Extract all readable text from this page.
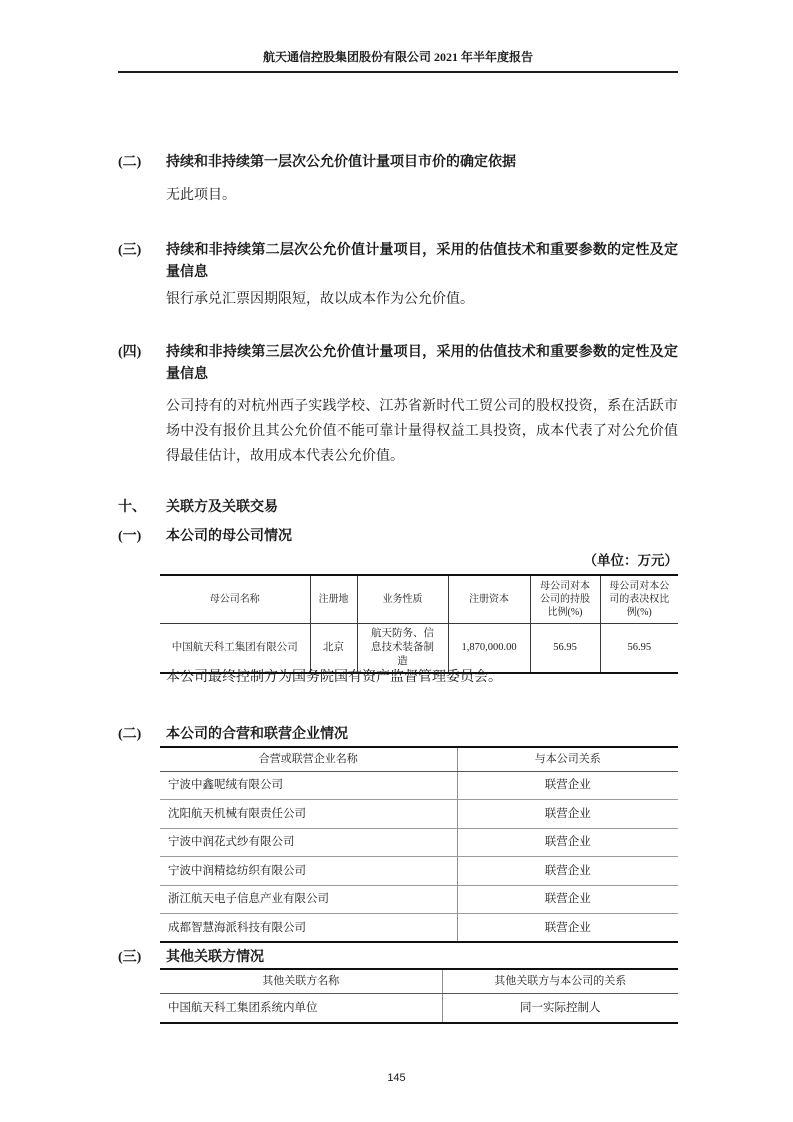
航天通信控股集团股份有限公司 2021 年半年度报告
(二) 持续和非持续第一层次公允价值计量项目市价的确定依据

无此项目。

(三) 持续和非持续第二层次公允价值计量项目，采用的估值技术和重要参数的定性及定量信息

银行承兑汇票因期限短，故以成本作为公允价值。

(四) 持续和非持续第三层次公允价值计量项目，采用的估值技术和重要参数的定性及定量信息

公司持有的对杭州西子实践学校、江苏省新时代工贸公司的股权投资，系在活跃市场中没有报价且其公允价值不能可靠计量得权益工具投资，成本代表了对公允价值得最佳估计，故用成本代表公允价值。

十、 关联方及关联交易
(一) 本公司的母公司情况
（单位：万元）
母公司名称	注册地	业务性质	注册资本	母公司对本公司的持股比例(%)	母公司对本公司的表决权比例(%)
中国航天科工集团有限公司	北京	航天防务、信息技术装备制造	1,870,000.00	56.95	56.95

本公司最终控制方为国务院国有资产监督管理委员会。

(二) 本公司的合营和联营企业情况
合营或联营企业名称	与本公司关系
宁波中鑫呢绒有限公司	联营企业
沈阳航天机械有限责任公司	联营企业
宁波中润花式纱有限公司	联营企业
宁波中润精捻纺织有限公司	联营企业
浙江航天电子信息产业有限公司	联营企业
成都智慧海派科技有限公司	联营企业
(三) 其他关联方情况
其他关联方名称	其他关联方与本公司的关系
中国航天科工集团系统内单位	同一实际控制人
145
